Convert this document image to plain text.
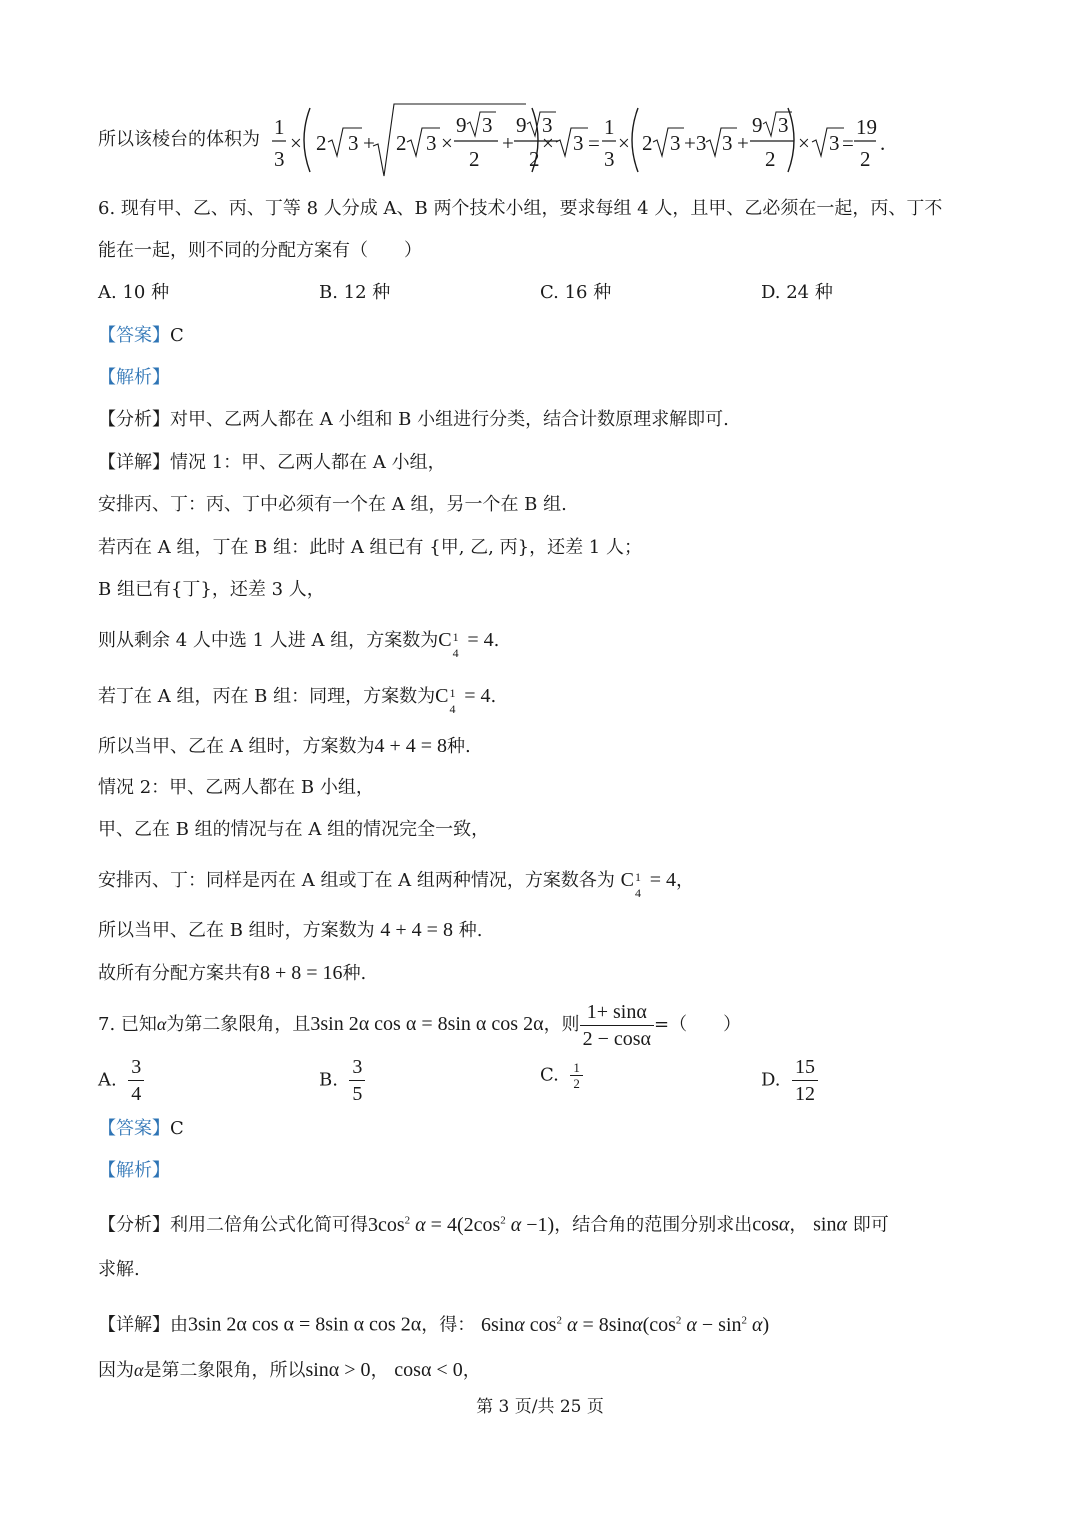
所以该棱台的体积为
1
3
× 2 3 + 2 3 ×
9 3
2
+
9 3
2
× 3 =
1
3
× 2 3 +3 3 +
9 3
2
× 3 =
19
2
.
6. 现有甲、乙、丙、丁等 8 人分成 A、B 两个技术小组，要求每组 4 人，且甲、乙必须在一起，丙、丁不
能在一起，则不同的分配方案有（　　）
A. 10 种	B. 12 种	C. 16 种	D. 24 种
【答案】C
【解析】
【分析】对甲、乙两人都在 A 小组和 B 小组进行分类，结合计数原理求解即可.
【详解】情况 1：甲、乙两人都在 A 小组，
安排丙、丁：丙、丁中必须有一个在 A 组，另一个在 B 组.
若丙在 A 组，丁在 B 组：此时 A 组已有 {甲, 乙, 丙}，还差 1 人；
B 组已有{丁}，还差 3 人，
则从剩余 4 人中选 1 人进 A 组，方案数为C 1
4
= 4.
若丁在 A 组，丙在 B 组：同理，方案数为C 1
4
= 4.
所以当甲、乙在 A 组时，方案数为4 + 4 = 8种.
情况 2：甲、乙两人都在 B 小组，
甲、乙在 B 组的情况与在 A 组的情况完全一致，
安排丙、丁：同样是丙在 A 组或丁在 A 组两种情况，方案数各为 C 1
4
= 4，
所以当甲、乙在 B 组时，方案数为 4 + 4 = 8 种.
故所有分配方案共有8 + 8 = 16种.
7. 已知α为第二象限角，且3sin 2α cos α = 8sin α cos 2α，则 $\frac{1+ \sin\alpha}{2 - \cos\alpha}$ =（　　）
A. $\frac{3}{4}$	B. $\frac{3}{5}$	C. $\frac{1}{2}$	D. $\frac{15}{12}$
【答案】C
【解析】
【分析】利用二倍角公式化简可得$3\cos^2$ $\alpha = 4(2\cos^2$ α −1)，结合角的范围分别求出cosα， sinα 即可
求解.
【详解】由3sin 2α cos α = 8sin α cos 2α，得： 6sinα $\cos^2 \alpha = 8\sin\alpha(\cos^2$ $\alpha - \sin^2 \alpha$)
因为α是第二象限角，所以sinα > 0， cosα < 0，
第 3 页/共 25 页
